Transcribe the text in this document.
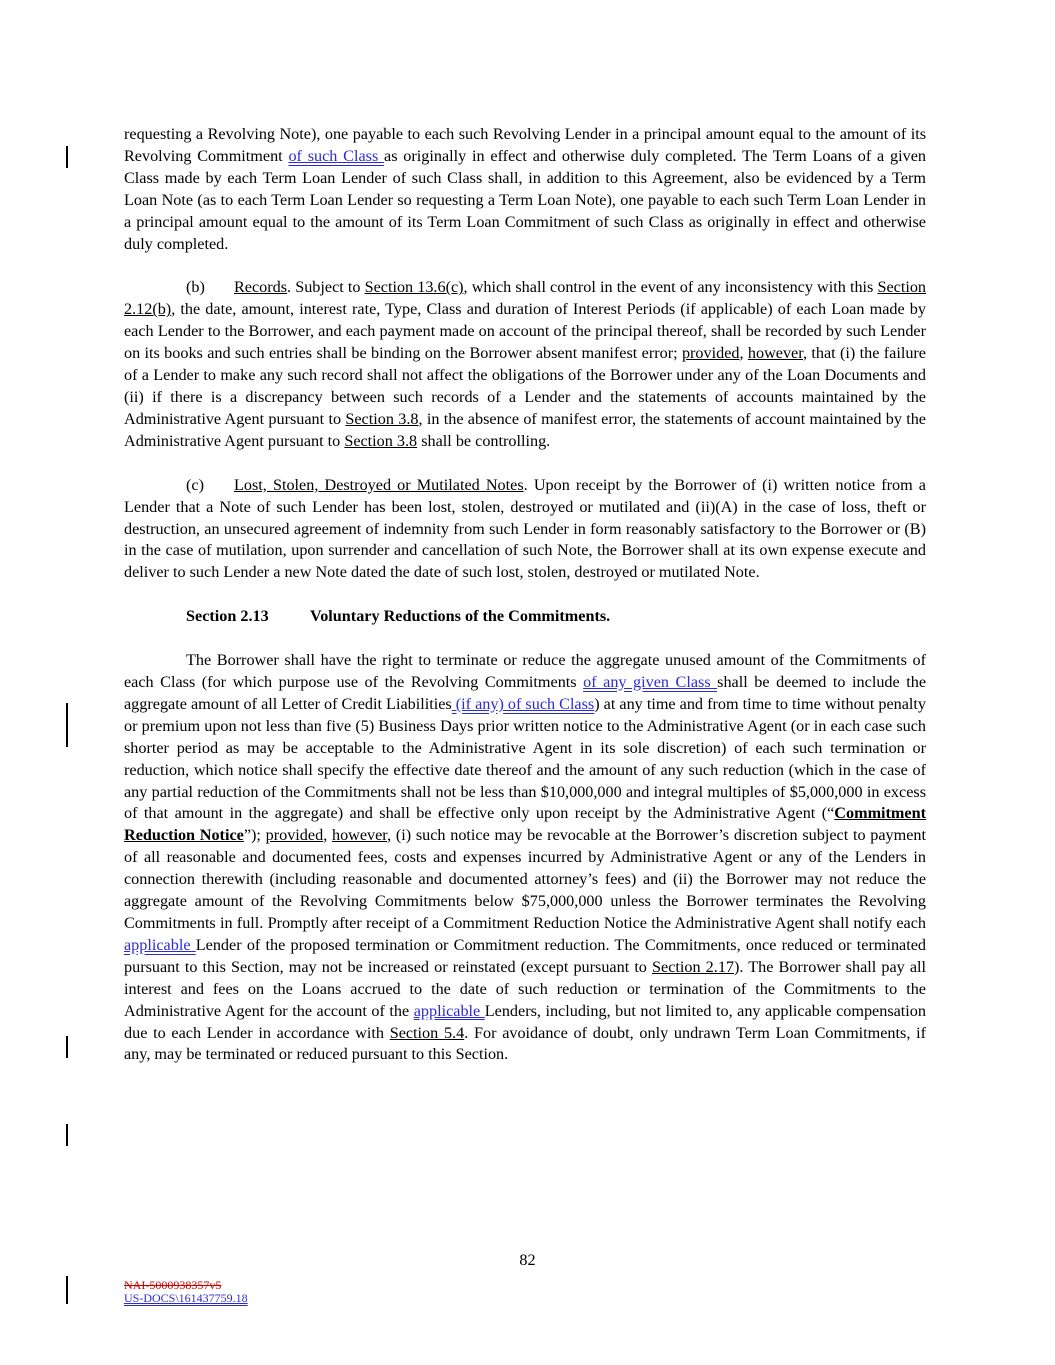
requesting a Revolving Note), one payable to each such Revolving Lender in a principal amount equal to the amount of its Revolving Commitment of such Class as originally in effect and otherwise duly completed. The Term Loans of a given Class made by each Term Loan Lender of such Class shall, in addition to this Agreement, also be evidenced by a Term Loan Note (as to each Term Loan Lender so requesting a Term Loan Note), one payable to each such Term Loan Lender in a principal amount equal to the amount of its Term Loan Commitment of such Class as originally in effect and otherwise duly completed.

(b) Records. Subject to Section 13.6(c), which shall control in the event of any inconsistency with this Section 2.12(b), the date, amount, interest rate, Type, Class and duration of Interest Periods (if applicable) of each Loan made by each Lender to the Borrower, and each payment made on account of the principal thereof, shall be recorded by such Lender on its books and such entries shall be binding on the Borrower absent manifest error; provided, however, that (i) the failure of a Lender to make any such record shall not affect the obligations of the Borrower under any of the Loan Documents and (ii) if there is a discrepancy between such records of a Lender and the statements of accounts maintained by the Administrative Agent pursuant to Section 3.8, in the absence of manifest error, the statements of account maintained by the Administrative Agent pursuant to Section 3.8 shall be controlling.

(c) Lost, Stolen, Destroyed or Mutilated Notes. Upon receipt by the Borrower of (i) written notice from a Lender that a Note of such Lender has been lost, stolen, destroyed or mutilated and (ii)(A) in the case of loss, theft or destruction, an unsecured agreement of indemnity from such Lender in form reasonably satisfactory to the Borrower or (B) in the case of mutilation, upon surrender and cancellation of such Note, the Borrower shall at its own expense execute and deliver to such Lender a new Note dated the date of such lost, stolen, destroyed or mutilated Note.

Section 2.13	Voluntary Reductions of the Commitments.

The Borrower shall have the right to terminate or reduce the aggregate unused amount of the Commitments of each Class (for which purpose use of the Revolving Commitments of any given Class shall be deemed to include the aggregate amount of all Letter of Credit Liabilities (if any) of such Class) at any time and from time to time without penalty or premium upon not less than five (5) Business Days prior written notice to the Administrative Agent (or in each case such shorter period as may be acceptable to the Administrative Agent in its sole discretion) of each such termination or reduction, which notice shall specify the effective date thereof and the amount of any such reduction (which in the case of any partial reduction of the Commitments shall not be less than $10,000,000 and integral multiples of $5,000,000 in excess of that amount in the aggregate) and shall be effective only upon receipt by the Administrative Agent (“Commitment Reduction Notice”); provided, however, (i) such notice may be revocable at the Borrower’s discretion subject to payment of all reasonable and documented fees, costs and expenses incurred by Administrative Agent or any of the Lenders in connection therewith (including reasonable and documented attorney’s fees) and (ii) the Borrower may not reduce the aggregate amount of the Revolving Commitments below $75,000,000 unless the Borrower terminates the Revolving Commitments in full. Promptly after receipt of a Commitment Reduction Notice the Administrative Agent shall notify each applicable Lender of the proposed termination or Commitment reduction. The Commitments, once reduced or terminated pursuant to this Section, may not be increased or reinstated (except pursuant to Section 2.17). The Borrower shall pay all interest and fees on the Loans accrued to the date of such reduction or termination of the Commitments to the Administrative Agent for the account of the applicable Lenders, including, but not limited to, any applicable compensation due to each Lender in accordance with Section 5.4. For avoidance of doubt, only undrawn Term Loan Commitments, if any, may be terminated or reduced pursuant to this Section.

82
NAI-5000938357v5
US-DOCS\161437759.18
